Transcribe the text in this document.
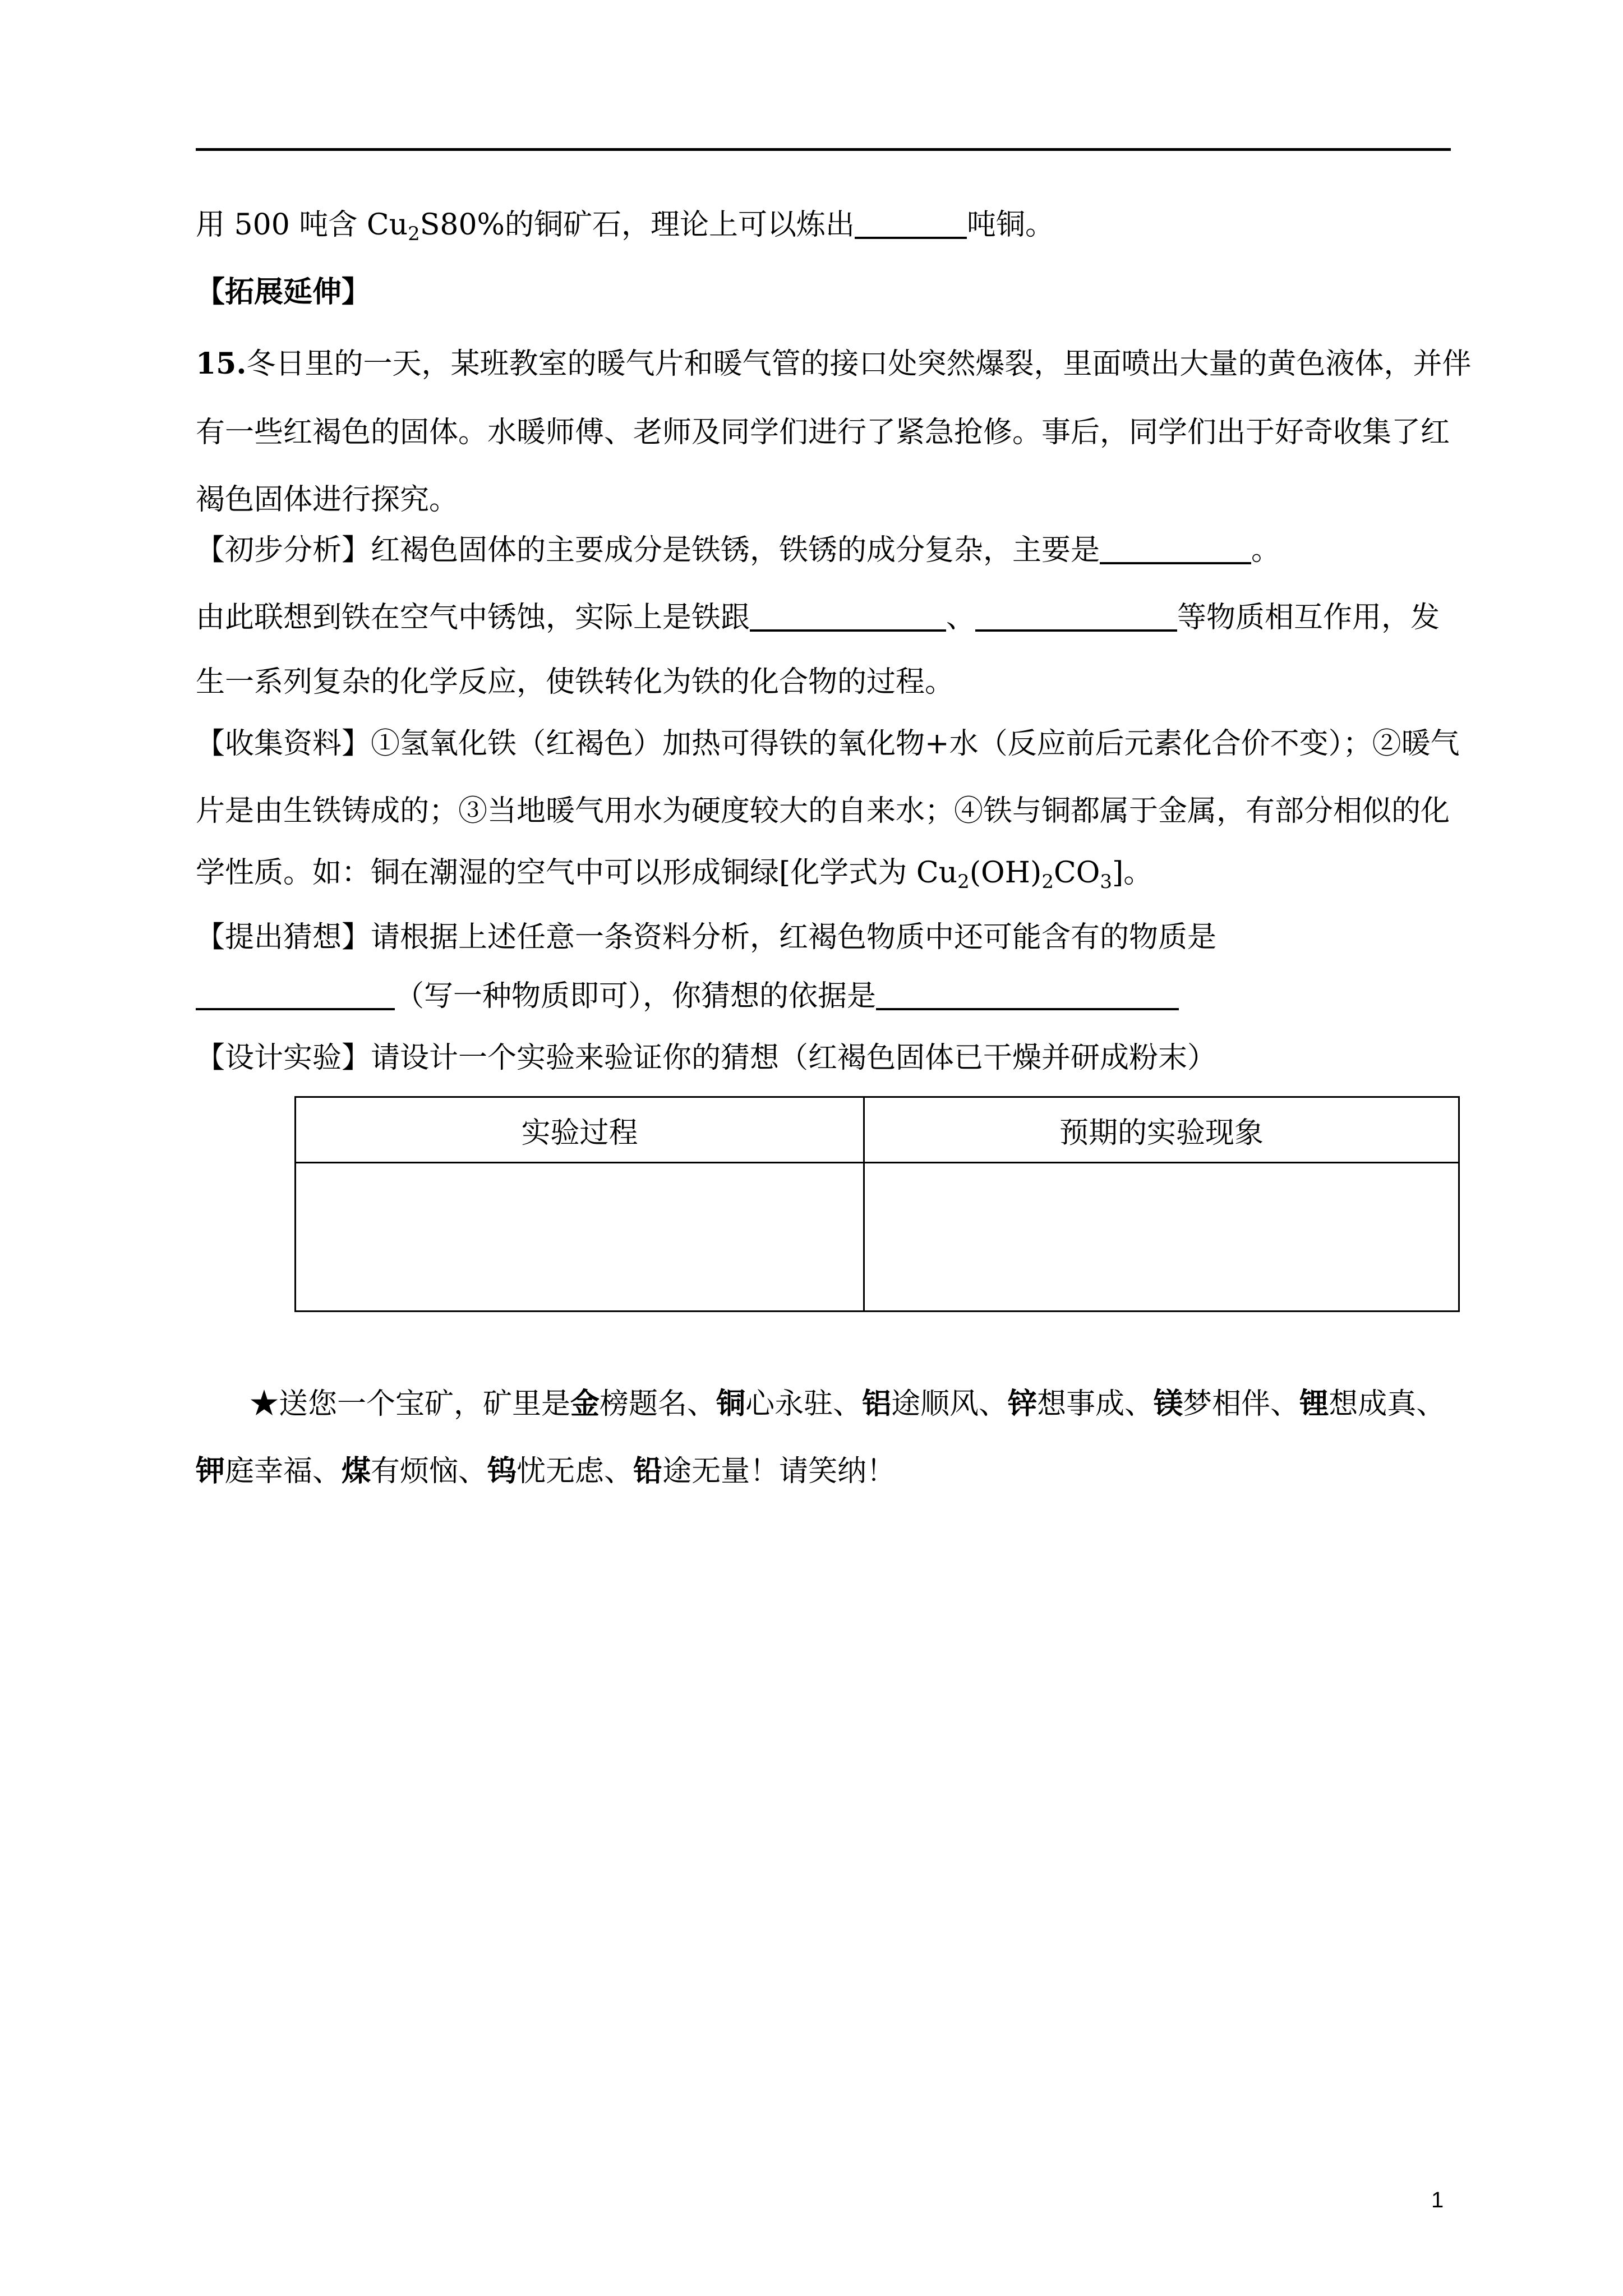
用 500 吨含 $Cu_2S80\%$的铜矿石，理论上可以炼出	吨铜。
【拓展延伸】
15.冬日里的一天，某班教室的暖气片和暖气管的接口处突然爆裂，里面喷出大量的黄色液体，并伴
有一些红褐色的固体。水暖师傅、老师及同学们进行了紧急抢修。事后，同学们出于好奇收集了红
褐色固体进行探究。
【初步分析】红褐色固体的主要成分是铁锈，铁锈的成分复杂，主要是	。
由此联想到铁在空气中锈蚀，实际上是铁跟	、	等物质相互作用，发
生一系列复杂的化学反应，使铁转化为铁的化合物的过程。
【收集资料】①氢氧化铁（红褐色）加热可得铁的氧化物+水（反应前后元素化合价不变）；②暖气
片是由生铁铸成的；③当地暖气用水为硬度较大的自来水；④铁与铜都属于金属，有部分相似的化
学性质。如：铜在潮湿的空气中可以形成铜绿[化学式为 $Cu_2(OH)_2CO_3$]。
【提出猜想】请根据上述任意一条资料分析，红褐色物质中还可能含有的物质是
（写一种物质即可），你猜想的依据是
【设计实验】请设计一个实验来验证你的猜想（红褐色固体已干燥并研成粉末）
实验过程	预期的实验现象

★送您一个宝矿，矿里是金榜题名、铜心永驻、铝途顺风、锌想事成、镁梦相伴、锂想成真、
钾庭幸福、煤有烦恼、钨忧无虑、铅途无量！请笑纳！
1
